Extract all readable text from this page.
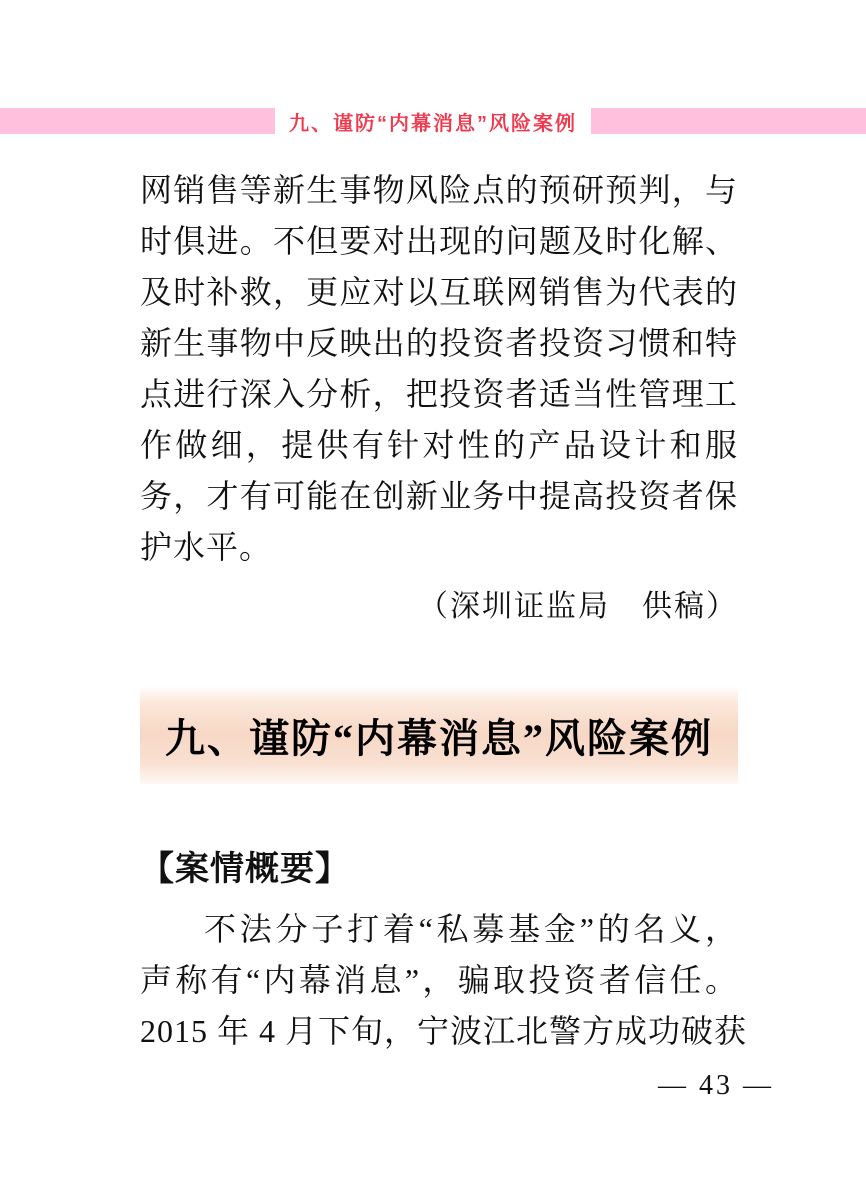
九、谨防“内幕消息”风险案例
网销售等新生事物风险点的预研预判，与
时俱进。不但要对出现的问题及时化解、
及时补救，更应对以互联网销售为代表的
新生事物中反映出的投资者投资习惯和特
点进行深入分析，把投资者适当性管理工
作做细，提供有针对性的产品设计和服
务，才有可能在创新业务中提高投资者保
护水平。
（深圳证监局　供稿）
九、谨防“内幕消息”风险案例
【案情概要】
不法分子打着“私募基金”的名义，
声称有“内幕消息”，骗取投资者信任。
2015 年 4 月下旬，宁波江北警方成功破获
— 43 —
